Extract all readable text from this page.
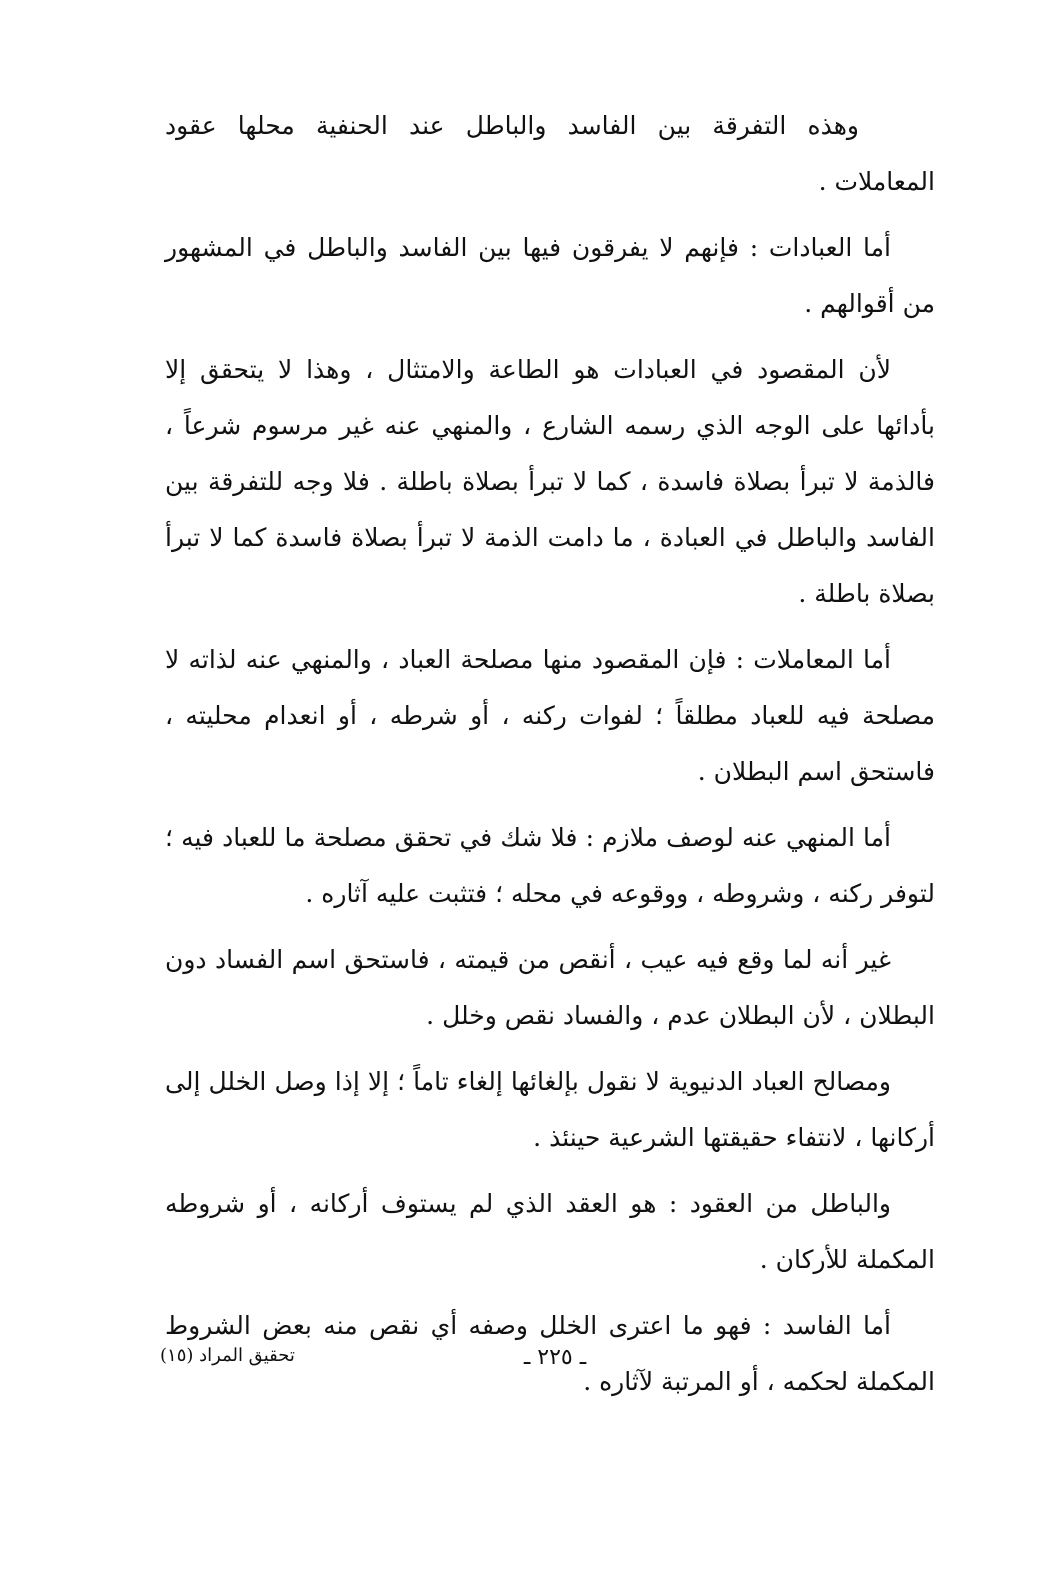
وهذه التفرقة بين الفاسد والباطل عند الحنفية محلها عقود المعاملات .

أما العبادات : فإنهم لا يفرقون فيها بين الفاسد والباطل في المشهور من أقوالهم .

لأن المقصود في العبادات هو الطاعة والامتثال ، وهذا لا يتحقق إلا بأدائها على الوجه الذي رسمه الشارع ، والمنهي عنه غير مرسوم شرعاً ، فالذمة لا تبرأ بصلاة فاسدة ، كما لا تبرأ بصلاة باطلة . فلا وجه للتفرقة بين الفاسد والباطل في العبادة ، ما دامت الذمة لا تبرأ بصلاة فاسدة كما لا تبرأ بصلاة باطلة .

أما المعاملات : فإن المقصود منها مصلحة العباد ، والمنهي عنه لذاته لا مصلحة فيه للعباد مطلقاً ؛ لفوات ركنه ، أو شرطه ، أو انعدام محليته ، فاستحق اسم البطلان .

أما المنهي عنه لوصف ملازم : فلا شك في تحقق مصلحة ما للعباد فيه ؛ لتوفر ركنه ، وشروطه ، ووقوعه في محله ؛ فتثبت عليه آثاره .

غير أنه لما وقع فيه عيب ، أنقص من قيمته ، فاستحق اسم الفساد دون البطلان ، لأن البطلان عدم ، والفساد نقص وخلل .

ومصالح العباد الدنيوية لا نقول بإلغائها إلغاء تاماً ؛ إلا إذا وصل الخلل إلى أركانها ، لانتفاء حقيقتها الشرعية حينئذ .

والباطل من العقود : هو العقد الذي لم يستوف أركانه ، أو شروطه المكملة للأركان .

أما الفاسد : فهو ما اعترى الخلل وصفه أي نقص منه بعض الشروط المكملة لحكمه ، أو المرتبة لآثاره .

ـ ٢٢٥ ـ
تحقيق المراد (١٥)
